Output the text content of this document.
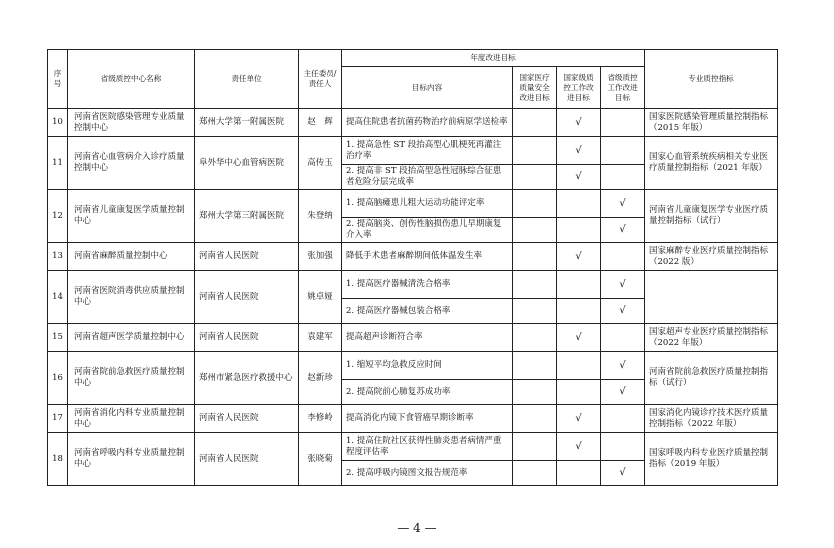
序号	省级质控中心名称	责任单位	主任委员/责任人	年度改进目标				专业质控指标
				目标内容	国家医疗质量安全改进目标	国家级质控工作改进目标	省级质控工作改进目标	
10	河南省医院感染管理专业质量控制中心	郑州大学第一附属医院	赵　辉	提高住院患者抗菌药物治疗前病原学送检率		√		国家医院感染管理质量控制指标（2015 年版）
11	河南省心血管病介入诊疗质量控制中心	阜外华中心血管病医院	高传玉	1. 提高急性 ST 段抬高型心肌梗死再灌注治疗率		√		国家心血管系统疾病相关专业医疗质量控制指标（2021 年版）
				2. 提高非 ST 段抬高型急性冠脉综合征患者危险分层完成率		√		
12	河南省儿童康复医学质量控制中心	郑州大学第三附属医院	朱登纳	1. 提高脑瘫患儿粗大运动功能评定率			√	河南省儿童康复医学专业医疗质量控制指标（试行）
				2. 提高脑炎、创伤性脑损伤患儿早期康复介入率			√	
13	河南省麻醉质量控制中心	河南省人民医院	张加强	降低手术患者麻醉期间低体温发生率		√		国家麻醉专业医疗质量控制指标（2022 版）
14	河南省医院消毒供应质量控制中心	河南省人民医院	姚卓娅	1. 提高医疗器械清洗合格率			√	
				2. 提高医疗器械包装合格率			√	
15	河南省超声医学质量控制中心	河南省人民医院	袁建军	提高超声诊断符合率		√		国家超声专业医疗质量控制指标（2022 年版）
16	河南省院前急救医疗质量控制中心	郑州市紧急医疗救援中心	赵新珍	1. 缩短平均急救反应时间			√	河南省院前急救医疗质量控制指标（试行）
				2. 提高院前心肺复苏成功率			√	
17	河南省消化内科专业质量控制中心	河南省人民医院	李修岭	提高消化内镜下食管癌早期诊断率		√		国家消化内镜诊疗技术医疗质量控制指标（2022 年版）
18	河南省呼吸内科专业质量控制中心	河南省人民医院	张晓菊	1. 提高住院社区获得性肺炎患者病情严重程度评估率		√		国家呼吸内科专业医疗质量控制指标（2019 年版）
				2. 提高呼吸内镜图文报告规范率			√	
— 4 —
